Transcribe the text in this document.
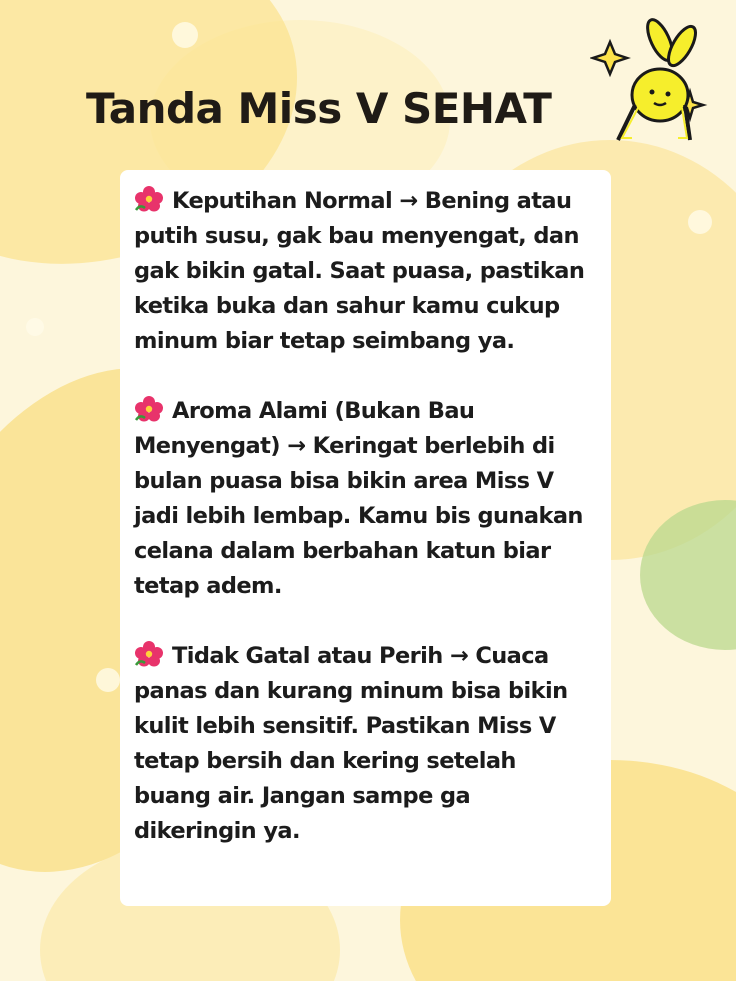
Tanda Miss V SEHAT

Keputihan Normal → Bening atau putih susu, gak bau menyengat, dan gak bikin gatal. Saat puasa, pastikan ketika buka dan sahur kamu cukup minum biar tetap seimbang ya.

Aroma Alami (Bukan Bau Menyengat) → Keringat berlebih di bulan puasa bisa bikin area Miss V jadi lebih lembap. Kamu bis gunakan celana dalam berbahan katun biar tetap adem.

Tidak Gatal atau Perih → Cuaca panas dan kurang minum bisa bikin kulit lebih sensitif. Pastikan Miss V tetap bersih dan kering setelah buang air. Jangan sampe ga dikeringin ya.
